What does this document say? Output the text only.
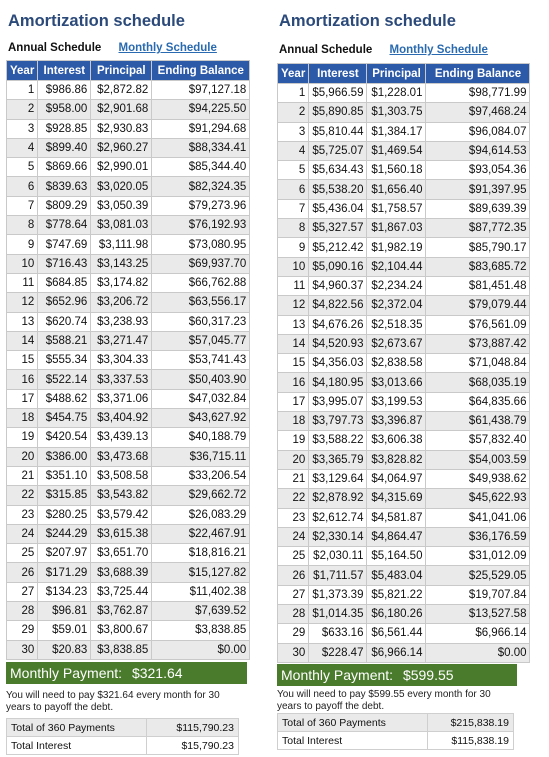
Amortization schedule
Annual Schedule Monthly Schedule
Year	Interest	Principal	Ending Balance
1	$986.86	$2,872.82	$97,127.18
2	$958.00	$2,901.68	$94,225.50
3	$928.85	$2,930.83	$91,294.68
4	$899.40	$2,960.27	$88,334.41
5	$869.66	$2,990.01	$85,344.40
6	$839.63	$3,020.05	$82,324.35
7	$809.29	$3,050.39	$79,273.96
8	$778.64	$3,081.03	$76,192.93
9	$747.69	$3,111.98	$73,080.95
10	$716.43	$3,143.25	$69,937.70
11	$684.85	$3,174.82	$66,762.88
12	$652.96	$3,206.72	$63,556.17
13	$620.74	$3,238.93	$60,317.23
14	$588.21	$3,271.47	$57,045.77
15	$555.34	$3,304.33	$53,741.43
16	$522.14	$3,337.53	$50,403.90
17	$488.62	$3,371.06	$47,032.84
18	$454.75	$3,404.92	$43,627.92
19	$420.54	$3,439.13	$40,188.79
20	$386.00	$3,473.68	$36,715.11
21	$351.10	$3,508.58	$33,206.54
22	$315.85	$3,543.82	$29,662.72
23	$280.25	$3,579.42	$26,083.29
24	$244.29	$3,615.38	$22,467.91
25	$207.97	$3,651.70	$18,816.21
26	$171.29	$3,688.39	$15,127.82
27	$134.23	$3,725.44	$11,402.38
28	$96.81	$3,762.87	$7,639.52
29	$59.01	$3,800.67	$3,838.85
30	$20.83	$3,838.85	$0.00
Monthly Payment: $321.64
You will need to pay $321.64 every month for 30 years to payoff the debt.
Total of 360 Payments	$115,790.23
Total Interest	$15,790.23
Amortization schedule
Annual Schedule Monthly Schedule
Year	Interest	Principal	Ending Balance
1	$5,966.59	$1,228.01	$98,771.99
2	$5,890.85	$1,303.75	$97,468.24
3	$5,810.44	$1,384.17	$96,084.07
4	$5,725.07	$1,469.54	$94,614.53
5	$5,634.43	$1,560.18	$93,054.36
6	$5,538.20	$1,656.40	$91,397.95
7	$5,436.04	$1,758.57	$89,639.39
8	$5,327.57	$1,867.03	$87,772.35
9	$5,212.42	$1,982.19	$85,790.17
10	$5,090.16	$2,104.44	$83,685.72
11	$4,960.37	$2,234.24	$81,451.48
12	$4,822.56	$2,372.04	$79,079.44
13	$4,676.26	$2,518.35	$76,561.09
14	$4,520.93	$2,673.67	$73,887.42
15	$4,356.03	$2,838.58	$71,048.84
16	$4,180.95	$3,013.66	$68,035.19
17	$3,995.07	$3,199.53	$64,835.66
18	$3,797.73	$3,396.87	$61,438.79
19	$3,588.22	$3,606.38	$57,832.40
20	$3,365.79	$3,828.82	$54,003.59
21	$3,129.64	$4,064.97	$49,938.62
22	$2,878.92	$4,315.69	$45,622.93
23	$2,612.74	$4,581.87	$41,041.06
24	$2,330.14	$4,864.47	$36,176.59
25	$2,030.11	$5,164.50	$31,012.09
26	$1,711.57	$5,483.04	$25,529.05
27	$1,373.39	$5,821.22	$19,707.84
28	$1,014.35	$6,180.26	$13,527.58
29	$633.16	$6,561.44	$6,966.14
30	$228.47	$6,966.14	$0.00
Monthly Payment: $599.55
You will need to pay $599.55 every month for 30 years to payoff the debt.
Total of 360 Payments	$215,838.19
Total Interest	$115,838.19
